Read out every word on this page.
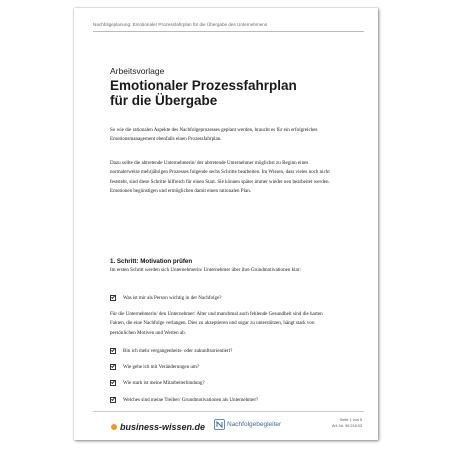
Nachfolgeplanung: Emotionaler Prozessfahrplan für die Übergabe des Unternehmens
Arbeitsvorlage
Emotionaler Prozessfahrplan
für die Übergabe

So wie die rationalen Aspekte des Nachfolgeprozesses geplant werden, braucht es für ein erfolgreiches Emotionsmanagement ebenfalls einen Prozessfahrplan.

Dazu sollte die abtretende Unternehmerin/ der abtretende Unternehmer möglichst zu Beginn eines normalerweise mehrjährigen Prozesses folgende sechs Schritte bearbeiten. Im Wissen, dass vieles noch nicht feststeht, sind diese Schritte hilfreich für einen Start. Sie können später immer wieder neu bearbeitet werden. Emotionen begünstigen und ermöglichen damit einen rationalen Plan.

1. Schritt: Motivation prüfen

Im ersten Schritt werden sich Unternehmerin/ Unternehmer über ihre Grundmotivationen klar:

Was ist mir als Person wichtig in der Nachfolge?

Für die Unternehmerin/ den Unternehmer: Alter und manchmal auch fehlende Gesundheit sind die harten Fakten, die eine Nachfolge verlangen. Dies zu akzeptieren und sogar zu unterstützen, hängt stark von persönlichen Motiven und Werten ab.

Bin ich mehr vergangenheits- oder zukunftsorientiert?
Wie gehe ich mit Veränderungen um?
Wie stark ist meine Mitarbeiterbindung?
Welches sind meine Treiber/ Grundmotivationen als Unternehmer?
business-wissen.de	Nachfolgebegleiter
Seite 1 von 5
Art.-Nr. 99.218.03
